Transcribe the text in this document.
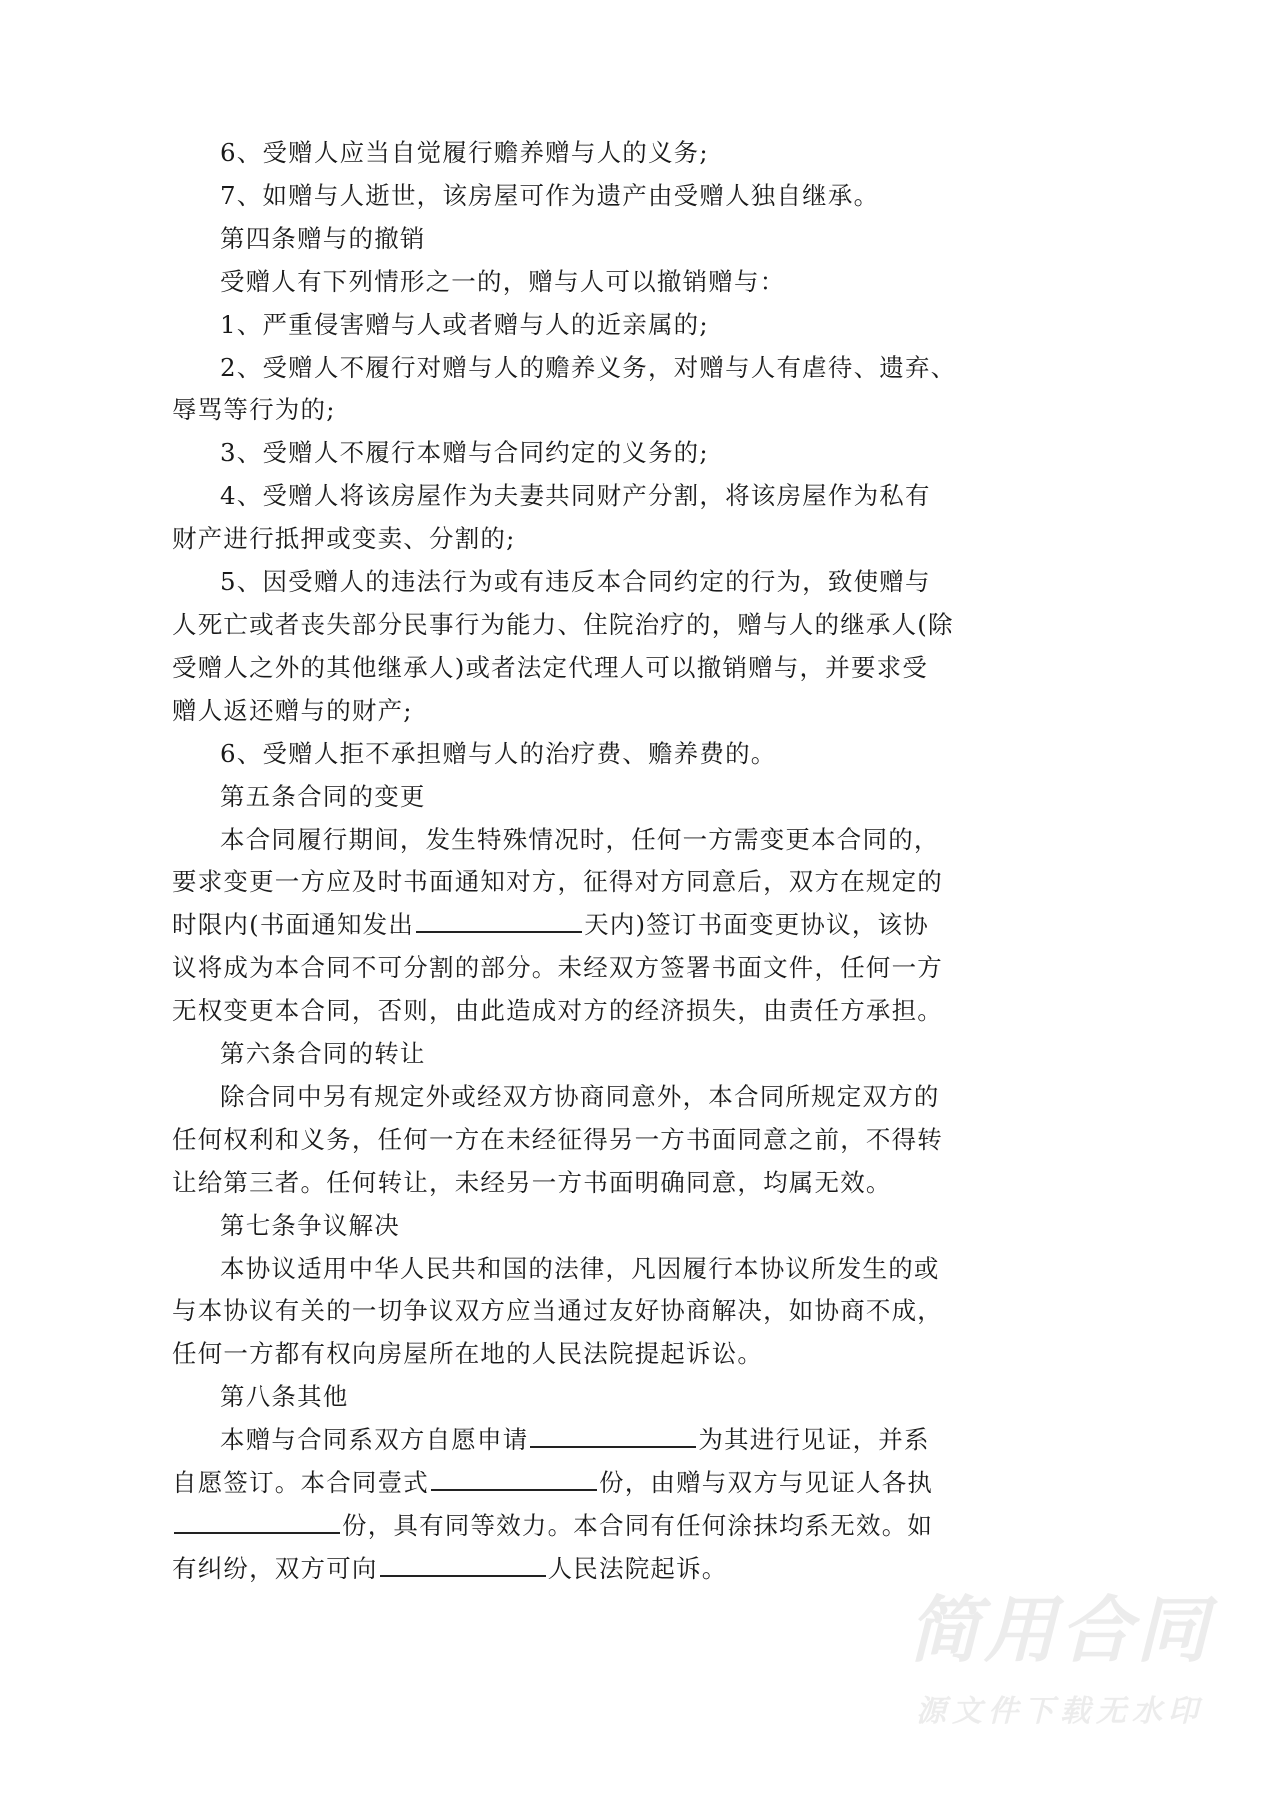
6、受赠人应当自觉履行赡养赠与人的义务;
7、如赠与人逝世，该房屋可作为遗产由受赠人独自继承。
第四条赠与的撤销
受赠人有下列情形之一的，赠与人可以撤销赠与：
1、严重侵害赠与人或者赠与人的近亲属的;
2、受赠人不履行对赠与人的赡养义务，对赠与人有虐待、遗弃、
辱骂等行为的;
3、受赠人不履行本赠与合同约定的义务的;
4、受赠人将该房屋作为夫妻共同财产分割，将该房屋作为私有
财产进行抵押或变卖、分割的;
5、因受赠人的违法行为或有违反本合同约定的行为，致使赠与
人死亡或者丧失部分民事行为能力、住院治疗的，赠与人的继承人(除
受赠人之外的其他继承人)或者法定代理人可以撤销赠与，并要求受
赠人返还赠与的财产;
6、受赠人拒不承担赠与人的治疗费、赡养费的。
第五条合同的变更
本合同履行期间，发生特殊情况时，任何一方需变更本合同的，
要求变更一方应及时书面通知对方，征得对方同意后，双方在规定的
时限内(书面通知发出	天内)签订书面变更协议，该协
议将成为本合同不可分割的部分。未经双方签署书面文件，任何一方
无权变更本合同，否则，由此造成对方的经济损失，由责任方承担。
第六条合同的转让
除合同中另有规定外或经双方协商同意外，本合同所规定双方的
任何权利和义务，任何一方在未经征得另一方书面同意之前，不得转
让给第三者。任何转让，未经另一方书面明确同意，均属无效。
第七条争议解决
本协议适用中华人民共和国的法律，凡因履行本协议所发生的或
与本协议有关的一切争议双方应当通过友好协商解决，如协商不成，
任何一方都有权向房屋所在地的人民法院提起诉讼。
第八条其他
本赠与合同系双方自愿申请	为其进行见证，并系
自愿签订。本合同壹式	份，由赠与双方与见证人各执
份，具有同等效力。本合同有任何涂抹均系无效。如
有纠纷，双方可向	人民法院起诉。
简用合同
源文件下载无水印
